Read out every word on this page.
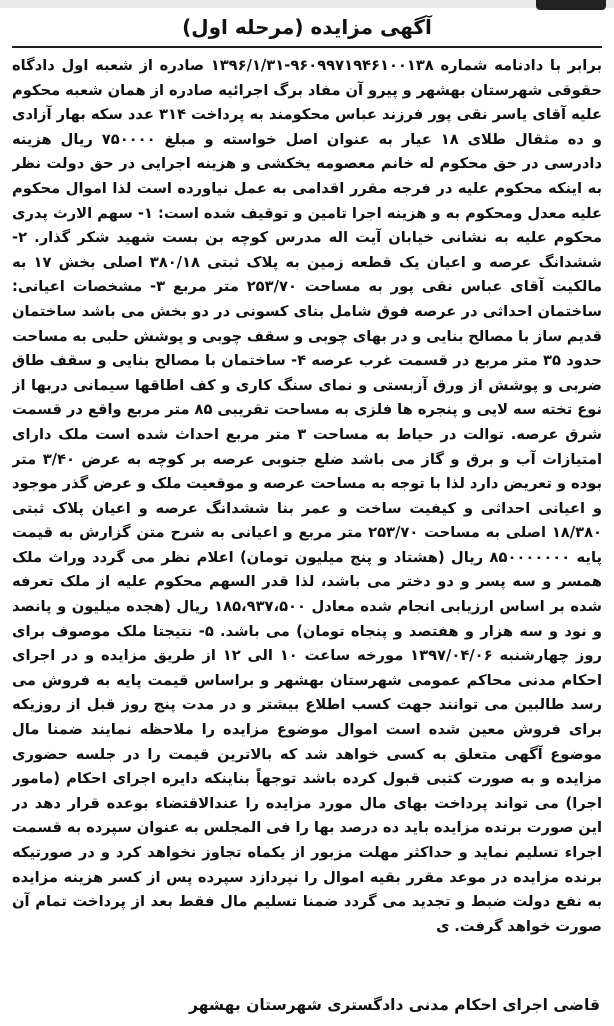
آگهی مزایده (مرحله اول)
برابر با دادنامه شماره ۹۶۰۹۹۷۱۹۴۶۱۰۰۱۳۸-۱۳۹۶/۱/۳۱ صادره از شعبه اول دادگاه حقوقی شهرستان بهشهر و پیرو آن مفاد برگ اجرائیه صادره از همان شعبه محکوم علیه آقای یاسر نقی پور فرزند عباس محکومند به پرداخت ۳۱۴ عدد سکه بهار آزادی و ده مثقال طلای ۱۸ عیار به عنوان اصل خواسته و مبلغ ۷۵۰۰۰۰ ریال هزینه دادرسی در حق محکوم له خانم معصومه یخکشی و هزینه اجرایی در حق دولت نظر به اینکه محکوم علیه در فرجه مقرر اقدامی به عمل نیاورده است لذا اموال محکوم علیه معدل ومحکوم به و هزینه اجرا تامین و توقیف شده است: ۱- سهم الارث پدری محکوم علیه به نشانی خیابان آیت اله مدرس کوچه بن بست شهید شکر گذار. ۲- ششدانگ عرصه و اعیان یک قطعه زمین به پلاک ثبتی ۳۸۰/۱۸ اصلی بخش ۱۷ به مالکیت آقای عباس نقی پور به مساحت ۲۵۳/۷۰ متر مربع ۳- مشخصات اعیانی: ساختمان احداثی در عرصه فوق شامل بنای کسونی در دو بخش می باشد ساختمان قدیم ساز با مصالح بنایی و در بهای چوبی و سقف چوبی و پوشش حلبی به مساحت حدود ۳۵ متر مربع در قسمت غرب عرصه ۴- ساختمان با مصالح بنایی و سقف طاق ضربی و پوشش از ورق آزبستی و نمای سنگ کاری و کف اطاقها سیمانی دربها از نوع تخته سه لایی و پنجره ها فلزی به مساحت تقریبی ۸۵ متر مربع واقع در قسمت شرق عرصه. توالت در حیاط به مساحت ۳ متر مربع احداث شده است ملک دارای امتیازات آب و برق و گاز می باشد ضلع جنوبی عرصه بر کوچه به عرض ۳/۴۰ متر بوده و تعریض دارد لذا با توجه به مساحت عرصه و موقعیت ملک و عرض گذر موجود و اعیانی احداثی و کیفیت ساخت و عمر بنا ششدانگ عرصه و اعیان پلاک ثبتی ۱۸/۳۸۰ اصلی به مساحت ۲۵۳/۷۰ متر مربع و اعیانی به شرح متن گزارش به قیمت پایه ۸۵۰۰۰۰۰۰۰ ریال (هشتاد و پنج میلیون تومان) اعلام نظر می گردد وراث ملک همسر و سه پسر و دو دختر می باشد، لذا قدر السهم محکوم علیه از ملک تعرفه شده بر اساس ارزیابی انجام شده معادل ۱۸۵،۹۳۷،۵۰۰ ریال (هجده میلیون و پانصد و نود و سه هزار و هفتصد و پنجاه تومان) می باشد. ۵- نتیجتا ملک موصوف برای روز چهارشنبه ۱۳۹۷/۰۴/۰۶ مورخه ساعت ۱۰ الی ۱۲ از طریق مزایده و در اجرای احکام مدنی محاکم عمومی شهرستان بهشهر و براساس قیمت پایه به فروش می رسد طالبین می توانند جهت کسب اطلاع بیشتر و در مدت پنج روز قبل از روزیکه برای فروش معین شده است اموال موضوع مزایده را ملاحظه نمایند ضمنا مال موضوع آگهی متعلق به کسی خواهد شد که بالاترین قیمت را در جلسه حضوری مزایده و به صورت کتبی قبول کرده باشد توجهاً بناینکه دایره اجرای احکام (مامور اجرا) می تواند پرداخت بهای مال مورد مزایده را عندالاقتضاء بوعده قرار دهد در این صورت برنده مزایده باید ده درصد بها را فی المجلس به عنوان سپرده به قسمت اجراء تسلیم نماید و حداکثر مهلت مزبور از یکماه تجاوز نخواهد کرد و در صورتیکه برنده مزایده در موعد مقرر بقیه اموال را نپردازد سپرده پس از کسر هزینه مزایده به نفع دولت ضبط و تجدید می گردد ضمنا تسلیم مال فقط بعد از پرداخت تمام آن صورت خواهد گرفت. ی
قاضی اجرای احکام مدنی دادگستری شهرستان بهشهر
